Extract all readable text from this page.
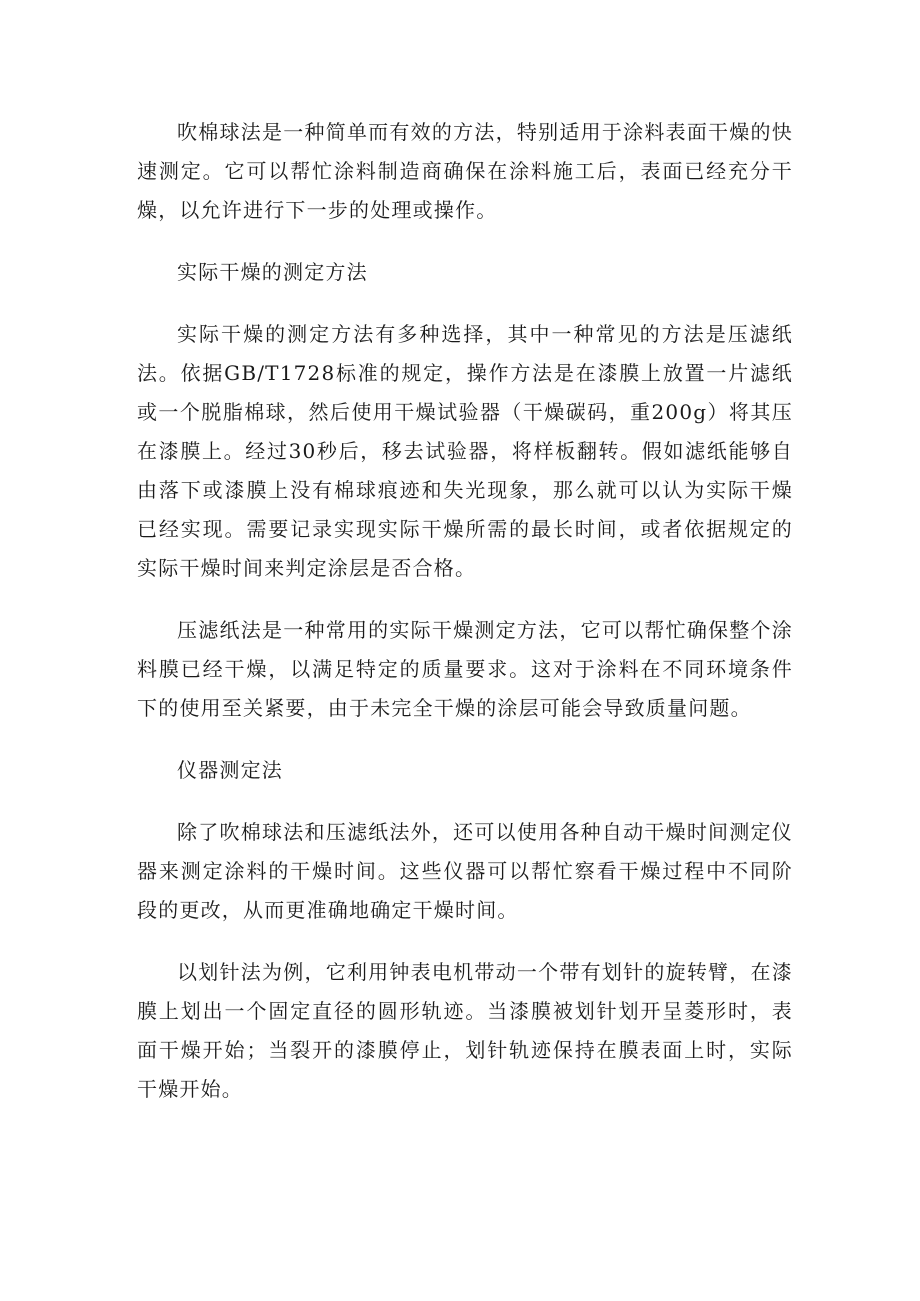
吹棉球法是一种简单而有效的方法，特别适用于涂料表面干燥的快速测定。它可以帮忙涂料制造商确保在涂料施工后，表面已经充分干燥，以允许进行下一步的处理或操作。

实际干燥的测定方法

实际干燥的测定方法有多种选择，其中一种常见的方法是压滤纸法。依据GB/T1728标准的规定，操作方法是在漆膜上放置一片滤纸或一个脱脂棉球，然后使用干燥试验器（干燥碳码，重200g）将其压在漆膜上。经过30秒后，移去试验器，将样板翻转。假如滤纸能够自由落下或漆膜上没有棉球痕迹和失光现象，那么就可以认为实际干燥已经实现。需要记录实现实际干燥所需的最长时间，或者依据规定的实际干燥时间来判定涂层是否合格。

压滤纸法是一种常用的实际干燥测定方法，它可以帮忙确保整个涂料膜已经干燥，以满足特定的质量要求。这对于涂料在不同环境条件下的使用至关紧要，由于未完全干燥的涂层可能会导致质量问题。

仪器测定法

除了吹棉球法和压滤纸法外，还可以使用各种自动干燥时间测定仪器来测定涂料的干燥时间。这些仪器可以帮忙察看干燥过程中不同阶段的更改，从而更准确地确定干燥时间。

以划针法为例，它利用钟表电机带动一个带有划针的旋转臂，在漆膜上划出一个固定直径的圆形轨迹。当漆膜被划针划开呈菱形时，表面干燥开始；当裂开的漆膜停止，划针轨迹保持在膜表面上时，实际干燥开始。
